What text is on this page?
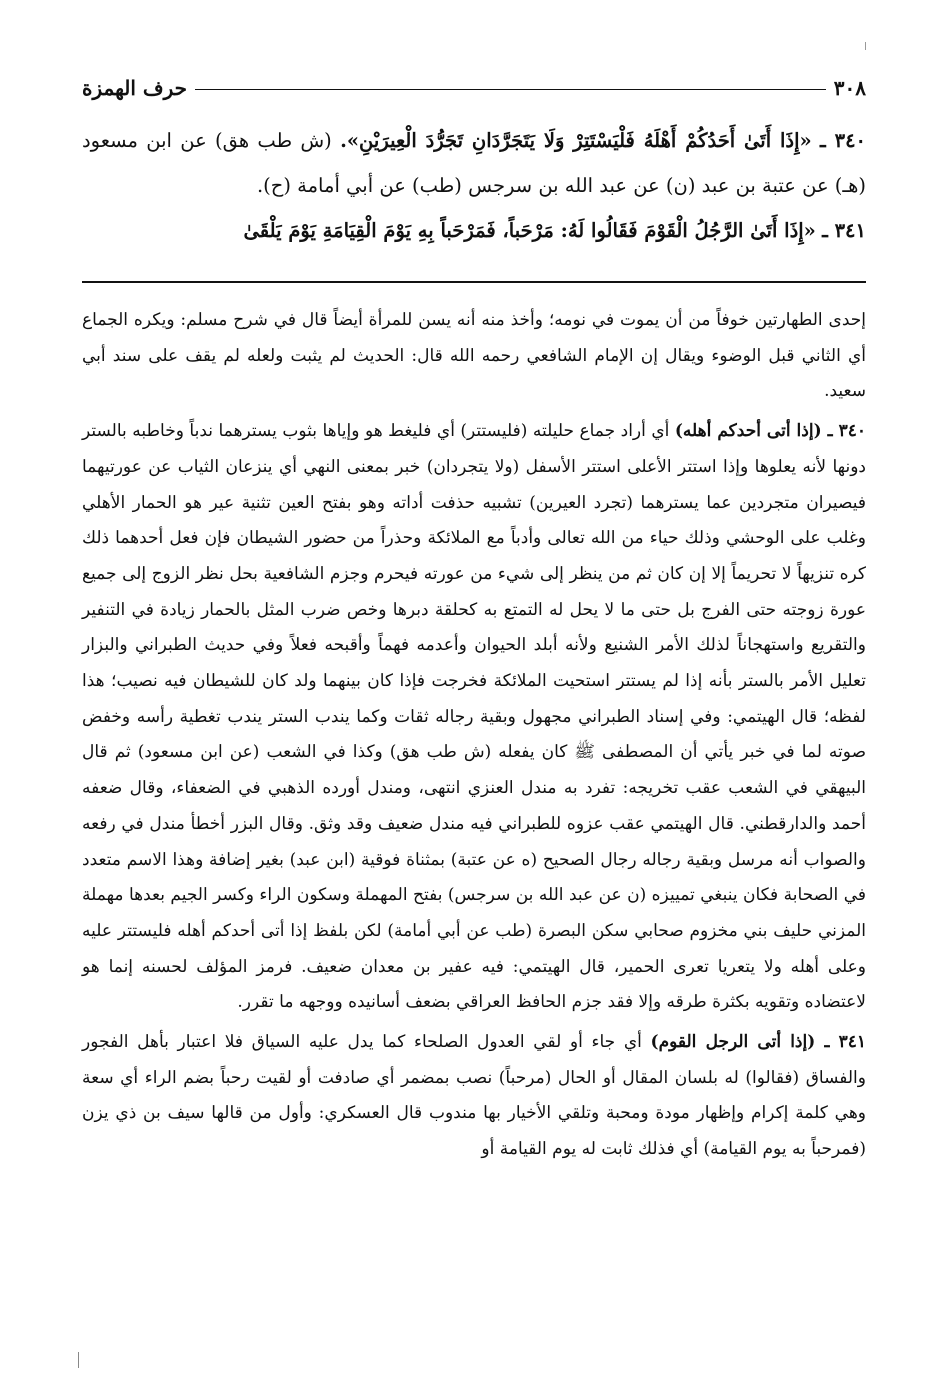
٣٠٨
حرف الهمزة

٣٤٠ ـ «إِذَا أَتَىٰ أَحَدُكُمْ أَهْلَهُ فَلْيَسْتَتِرْ وَلَا يَتَجَرَّدَانِ تَجَرُّدَ الْعِيرَيْنِ». (ش طب هق) عن ابن مسعود (هـ) عن عتبة بن عبد (ن) عن عبد الله بن سرجس (طب) عن أبي أمامة (ح).

٣٤١ ـ «إِذَا أَتَىٰ الرَّجُلُ الْقَوْمَ فَقَالُوا لَهُ: مَرْحَباً، فَمَرْحَباً بِهِ يَوْمَ الْقِيَامَةِ يَوْمَ يَلْقَىٰ

إحدى الطهارتين خوفاً من أن يموت في نومه؛ وأخذ منه أنه يسن للمرأة أيضاً قال في شرح مسلم: ويكره الجماع أي الثاني قبل الوضوء ويقال إن الإمام الشافعي رحمه الله قال: الحديث لم يثبت ولعله لم يقف على سند أبي سعيد.

٣٤٠ ـ (إذا أتى أحدكم أهله) أي أراد جماع حليلته (فليستتر) أي فليغط هو وإياها بثوب يسترهما ندباً وخاطبه بالستر دونها لأنه يعلوها وإذا استتر الأعلى استتر الأسفل (ولا يتجردان) خبر بمعنى النهي أي ينزعان الثياب عن عورتيهما فيصيران متجردين عما يسترهما (تجرد العيرين) تشبيه حذفت أداته وهو بفتح العين تثنية عير هو الحمار الأهلي وغلب على الوحشي وذلك حياء من الله تعالى وأدباً مع الملائكة وحذراً من حضور الشيطان فإن فعل أحدهما ذلك كره تنزيهاً لا تحريماً إلا إن كان ثم من ينظر إلى شيء من عورته فيحرم وجزم الشافعية بحل نظر الزوج إلى جميع عورة زوجته حتى الفرج بل حتى ما لا يحل له التمتع به كحلقة دبرها وخص ضرب المثل بالحمار زيادة في التنفير والتقريع واستهجاناً لذلك الأمر الشنيع ولأنه أبلد الحيوان وأعدمه فهماً وأقبحه فعلاً وفي حديث الطبراني والبزار تعليل الأمر بالستر بأنه إذا لم يستتر استحيت الملائكة فخرجت فإذا كان بينهما ولد كان للشيطان فيه نصيب؛ هذا لفظه؛ قال الهيتمي: وفي إسناد الطبراني مجهول وبقية رجاله ثقات وكما يندب الستر يندب تغطية رأسه وخفض صوته لما في خبر يأتي أن المصطفى ﷺ كان يفعله (ش طب هق) وكذا في الشعب (عن ابن مسعود) ثم قال البيهقي في الشعب عقب تخريجه: تفرد به مندل العنزي انتهى، ومندل أورده الذهبي في الضعفاء، وقال ضعفه أحمد والدارقطني. قال الهيتمي عقب عزوه للطبراني فيه مندل ضعيف وقد وثق. وقال البزر أخطأ مندل في رفعه والصواب أنه مرسل وبقية رجاله رجال الصحيح (ه عن عتبة) بمثناة فوقية (ابن عبد) بغير إضافة وهذا الاسم متعدد في الصحابة فكان ينبغي تمييزه (ن عن عبد الله بن سرجس) بفتح المهملة وسكون الراء وكسر الجيم بعدها مهملة المزني حليف بني مخزوم صحابي سكن البصرة (طب عن أبي أمامة) لكن بلفظ إذا أتى أحدكم أهله فليستتر عليه وعلى أهله ولا يتعريا تعرى الحمير، قال الهيتمي: فيه عفير بن معدان ضعيف. فرمز المؤلف لحسنه إنما هو لاعتضاده وتقويه بكثرة طرقه وإلا فقد جزم الحافظ العراقي بضعف أسانيده ووجهه ما تقرر.

٣٤١ ـ (إذا أتى الرجل القوم) أي جاء أو لقي العدول الصلحاء كما يدل عليه السياق فلا اعتبار بأهل الفجور والفساق (فقالوا) له بلسان المقال أو الحال (مرحباً) نصب بمضمر أي صادفت أو لقيت رحباً بضم الراء أي سعة وهي كلمة إكرام وإظهار مودة ومحبة وتلقي الأخيار بها مندوب قال العسكري: وأول من قالها سيف بن ذي يزن (فمرحباً به يوم القيامة) أي فذلك ثابت له يوم القيامة أو
